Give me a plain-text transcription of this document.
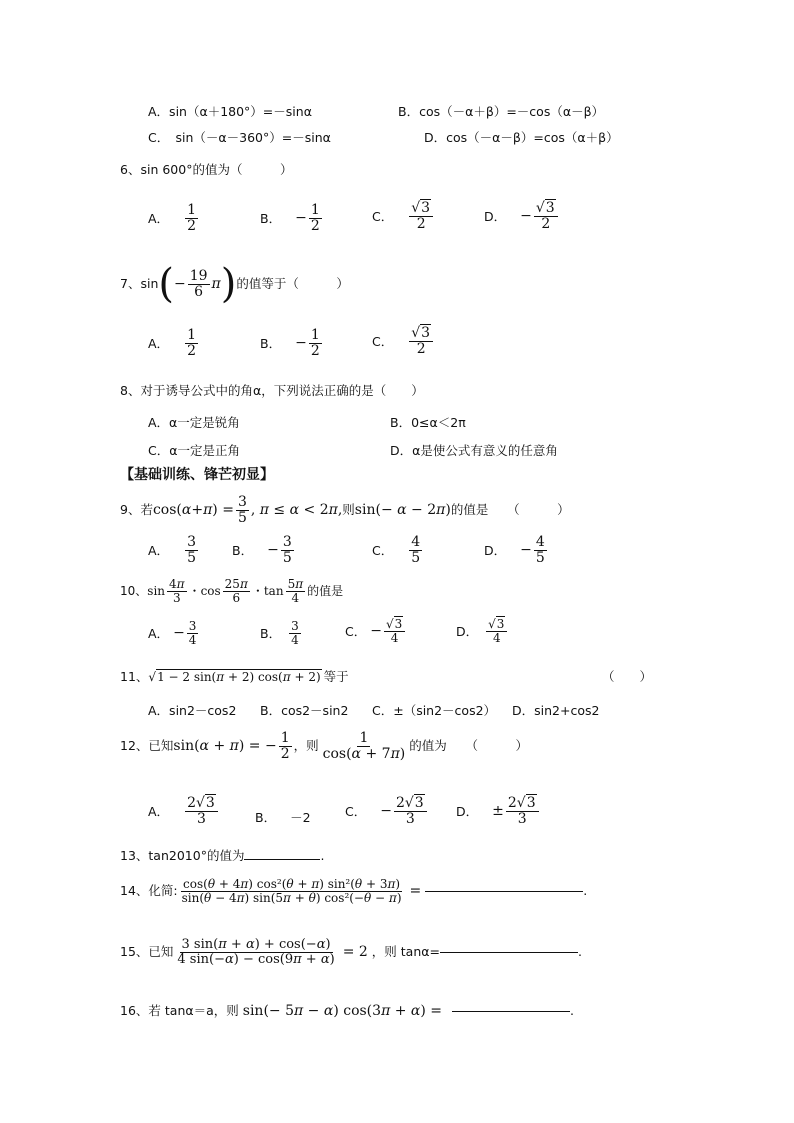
A．sin（α＋180°）=－sinα	B．cos（－α＋β）=－cos（α－β）
C．　sin（－α－360°）=－sinα	D．cos（－α－β）=cos（α＋β）
6、sin 600°的值为（　　　）
A． $\frac{1}{2}$	B． − $\frac{1}{2}$	C． $\frac{√3}{2}$	D． − $\frac{√3}{2}$
7、sin ( − $\frac{19}{6}$ π ) 的值等于（　　　）
A． $\frac{1}{2}$	B． − $\frac{1}{2}$	C． $\frac{√3}{2}$
8、对于诱导公式中的角α，下列说法正确的是（　　）
A．α一定是锐角	B．0≤α＜2π
C．α一定是正角	D．α是使公式有意义的任意角
【基础训练、锋芒初显】
9、若 $\cos(\alpha+\pi) = \frac{3}{5}$ , π ≤ α < 2π, 则 sin(− α − 2π) 的值是　　（　　　）
A． $\frac{3}{5}$	B． − $\frac{3}{5}$	C． $\frac{4}{5}$	D． − $\frac{4}{5}$
10、 $\sin \frac{4\pi}{3}$ ・ $\cos \frac{25\pi}{6}$ ・ $\tan \frac{5\pi}{4}$ 的值是
A． − $\frac{3}{4}$	B． $\frac{3}{4}$	C． − $\frac{√3}{4}$	D． $\frac{√3}{4}$
11、 √1 − 2 sin(π + 2) cos(π + 2) 等于	（　　）
A．sin2－cos2 B．cos2－sin2 C．±（sin2－cos2） D．sin2+cos2
12、已知 sin(α + π) = − $\frac{1}{2}$ ，则 $\frac{1}{\cos(\alpha + 7\pi)}$ 的值为　　（　　　）
A． $\frac{2√3}{3}$	B． －2	C． − $\frac{2√3}{3}$ D． ± $\frac{2√3}{3}$
13、tan2010°的值为	.
14、化简: $\frac{\text{cos(θ + 4π) cos²(θ + π) sin²(θ + 3π)}}{\text{sin(θ − 4π) sin(5π + θ) cos²(−θ − π)}}$ =	.
15、已知 $\frac{3 \sin(\pi + \alpha) + \cos(-\alpha)}{4 \sin(-\alpha) - \cos(9\pi + \alpha)} = 2$ ，则 tanα=	.
16、若 tanα＝a，则 sin(− 5π − α) cos(3π + α) =	.
